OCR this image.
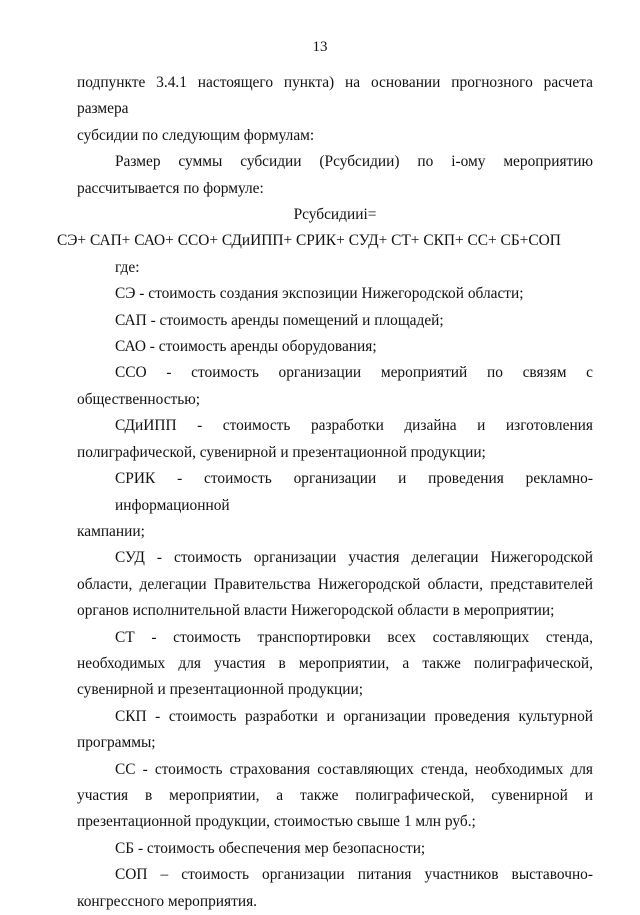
13

подпункте 3.4.1 настоящего пункта) на основании прогнозного расчета размера
субсидии по следующим формулам:

Размер суммы субсидии (Рсубсидии) по i-ому мероприятию
рассчитывается по формуле:

Рсубсидииi=

СЭ+ САП+ САО+ ССО+ СДиИПП+ СРИК+ СУД+ СТ+ СКП+ СС+ СБ+СОП

где:

СЭ - стоимость создания экспозиции Нижегородской области;

САП - стоимость аренды помещений и площадей;

САО - стоимость аренды оборудования;

ССО - стоимость организации мероприятий по связям с
общественностью;

СДиИПП - стоимость разработки дизайна и изготовления
полиграфической, сувенирной и презентационной продукции;

СРИК - стоимость организации и проведения рекламно-информационной
кампании;

СУД - стоимость организации участия делегации Нижегородской
области, делегации Правительства Нижегородской области, представителей
органов исполнительной власти Нижегородской области в мероприятии;

СТ - стоимость транспортировки всех составляющих стенда,
необходимых для участия в мероприятии, а также полиграфической,
сувенирной и презентационной продукции;

СКП - стоимость разработки и организации проведения культурной
программы;

СС - стоимость страхования составляющих стенда, необходимых для
участия в мероприятии, а также полиграфической, сувенирной и
презентационной продукции, стоимостью свыше 1 млн руб.;

СБ - стоимость обеспечения мер безопасности;

СОП – стоимость организации питания участников выставочно-
конгрессного мероприятия.
